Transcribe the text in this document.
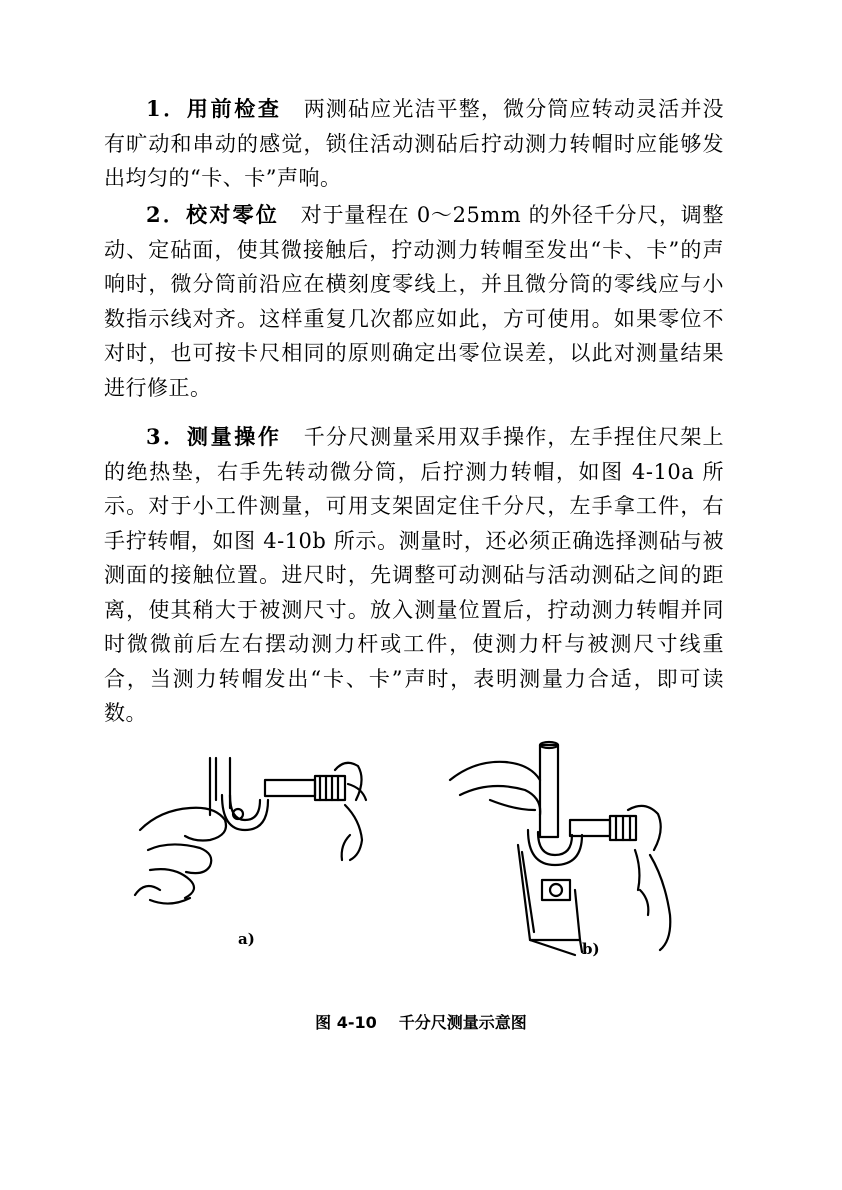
1．用前检查  两测砧应光洁平整，微分筒应转动灵活并没有旷动和串动的感觉，锁住活动测砧后拧动测力转帽时应能够发出均匀的“卡、卡”声响。

2．校对零位  对于量程在 0～25mm 的外径千分尺，调整动、定砧面，使其微接触后，拧动测力转帽至发出“卡、卡”的声响时，微分筒前沿应在横刻度零线上，并且微分筒的零线应与小数指示线对齐。这样重复几次都应如此，方可使用。如果零位不对时，也可按卡尺相同的原则确定出零位误差，以此对测量结果进行修正。

3．测量操作  千分尺测量采用双手操作，左手捏住尺架上的绝热垫，右手先转动微分筒，后拧测力转帽，如图 4-10a 所示。对于小工件测量，可用支架固定住千分尺，左手拿工件，右手拧转帽，如图 4-10b 所示。测量时，还必须正确选择测砧与被测面的接触位置。进尺时，先调整可动测砧与活动测砧之间的距离，使其稍大于被测尺寸。放入测量位置后，拧动测力转帽并同时微微前后左右摆动测力杆或工件，使测力杆与被测尺寸线重合，当测力转帽发出“卡、卡”声时，表明测量力合适，即可读数。

a)
b)
图 4-10 千分尺测量示意图
